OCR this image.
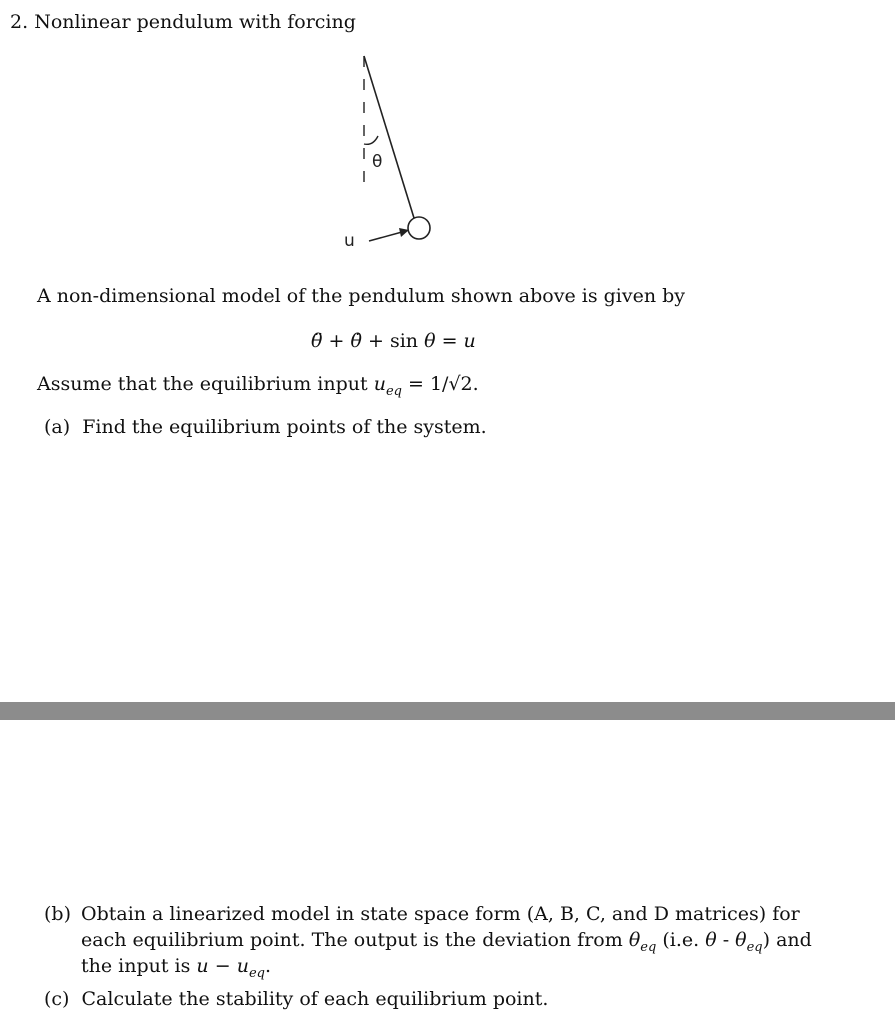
2. Nonlinear pendulum with forcing
θ
u
A non-dimensional model of the pendulum shown above is given by
θ̈ + θ̇ + sin θ = u
Assume that the equilibrium input $u_{eq} = 1/√2$.
(a) Find the equilibrium points of the system.
(b) Obtain a linearized model in state space form (A, B, C, and D matrices) for
each equilibrium point. The output is the deviation from $\theta_{eq}$ (i.e. θ - $\theta_{eq}$) and
the input is $u - u_{eq}$.
(c) Calculate the stability of each equilibrium point.
